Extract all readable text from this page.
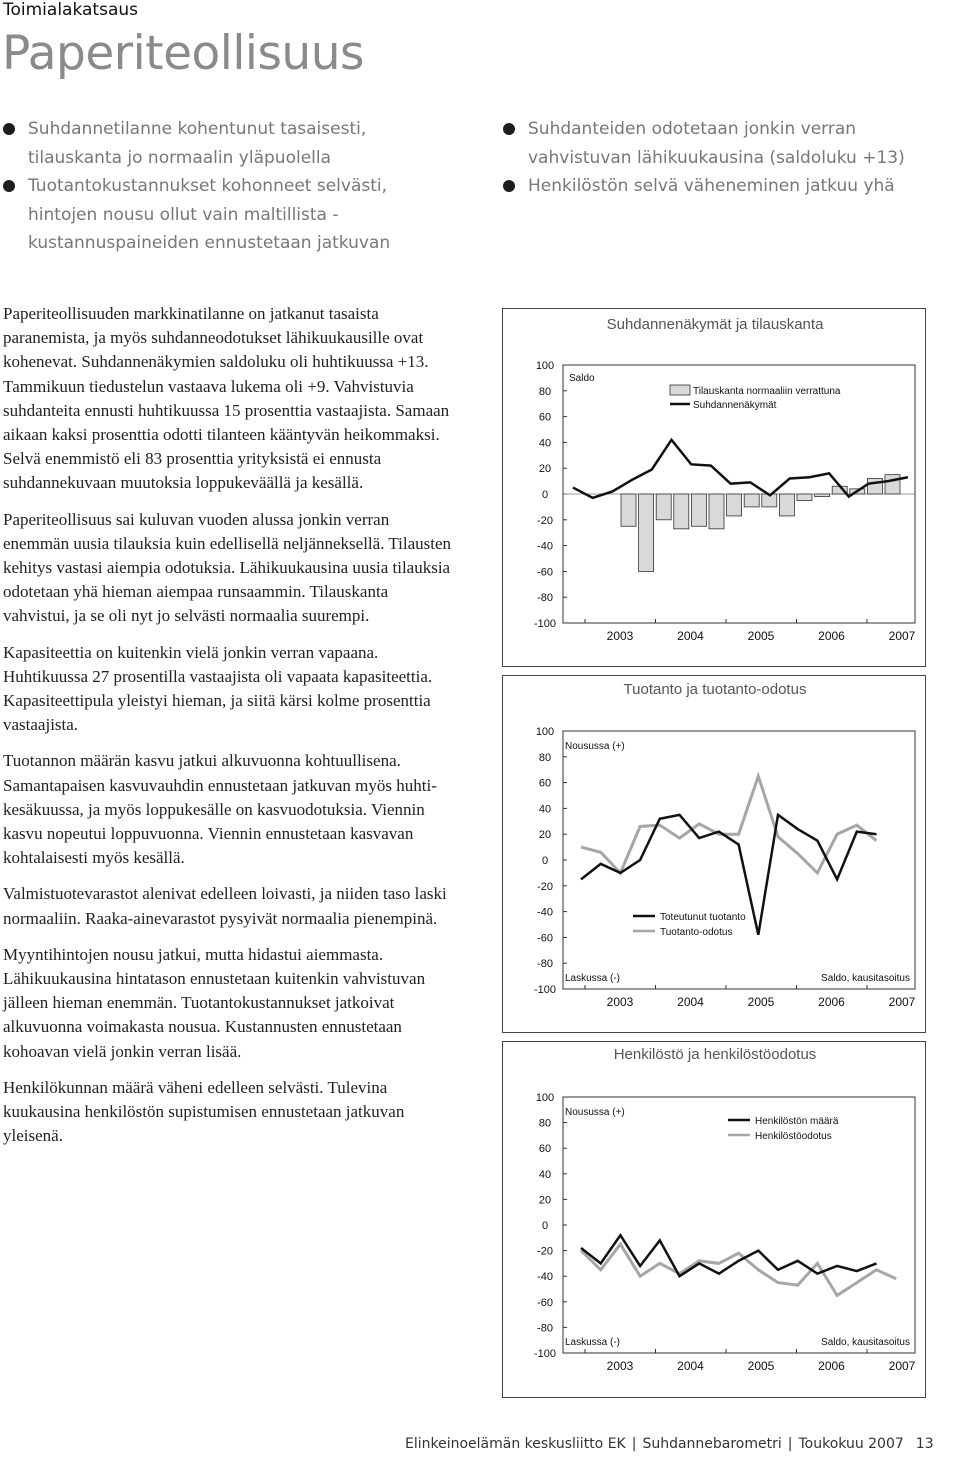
Toimialakatsaus
Paperiteollisuus
Suhdannetilanne kohentunut tasaisesti, tilauskanta jo normaalin yläpuolella
Tuotantokustannukset kohonneet selvästi, hintojen nousu ollut vain maltillista - kustannuspaineiden ennustetaan jatkuvan
Suhdanteiden odotetaan jonkin verran vahvistuvan lähikuukausina (saldoluku +13)
Henkilöstön selvä väheneminen jatkuu yhä

Paperiteollisuuden markkinatilanne on jatkanut tasaista paranemista, ja myös suhdanneodotukset lähikuukausille ovat kohenevat. Suhdannenäkymien saldoluku oli huhtikuussa +13. Tammikuun tiedustelun vastaava lukema oli +9. Vahvistuvia suhdanteita ennusti huhtikuussa 15 prosenttia vastaajista. Samaan aikaan kaksi prosenttia odotti tilanteen kääntyvän heikommaksi. Selvä enemmistö eli 83 prosenttia yrityksistä ei ennusta suhdannekuvaan muutoksia loppukeväällä ja kesällä.

Paperiteollisuus sai kuluvan vuoden alussa jonkin verran enemmän uusia tilauksia kuin edellisellä neljänneksellä. Tilausten kehitys vastasi aiempia odotuksia. Lähikuukausina uusia tilauksia odotetaan yhä hieman aiempaa runsaammin. Tilauskanta vahvistui, ja se oli nyt jo selvästi normaalia suurempi.

Kapasiteettia on kuitenkin vielä jonkin verran vapaana. Huhtikuussa 27 prosentilla vastaajista oli vapaata kapasiteettia. Kapasiteettipula yleistyi hieman, ja siitä kärsi kolme prosenttia vastaajista.

Tuotannon määrän kasvu jatkui alkuvuonna kohtuullisena. Samantapaisen kasvuvauhdin ennustetaan jatkuvan myös huhti-kesäkuussa, ja myös loppukesälle on kasvuodotuksia. Viennin kasvu nopeutui loppuvuonna. Viennin ennustetaan kasvavan kohtalaisesti myös kesällä.

Valmistuotevarastot alenivat edelleen loivasti, ja niiden taso laski normaaliin. Raaka-ainevarastot pysyivät normaalia pienempinä.

Myyntihintojen nousu jatkui, mutta hidastui aiemmasta. Lähikuukausina hintatason ennustetaan kuitenkin vahvistuvan jälleen hieman enemmän. Tuotantokustannukset jatkoivat alkuvuonna voimakasta nousua. Kustannusten ennustetaan kohoavan vielä jonkin verran lisää.

Henkilökunnan määrä väheni edelleen selvästi. Tulevina kuukausina henkilöstön supistumisen ennustetaan jatkuvan yleisenä.

Suhdannenäkymät ja tilauskanta
100
80
60
40
20
0
-20
-40
-60
-80
-100
2003	2004	2005	2006	2007
Saldo
Tilauskanta normaaliin verrattuna
Suhdannenäkymät
Tuotanto ja tuotanto-odotus
100
80
60
40
20
0
-20
-40
-60
-80
-100
2003	2004	2005	2006	2007
Nousussa (+)
Laskussa (-)	Saldo, kausitasoitus
Toteutunut tuotanto
Tuotanto-odotus
Henkilöstö ja henkilöstöodotus
100
80
60
40
20
0
-20
-40
-60
-80
-100
2003	2004	2005	2006	2007
Nousussa (+)
Laskussa (-)	Saldo, kausitasoitus
Henkilöstön määrä
Henkilöstöodotus
Elinkeinoelämän keskusliitto EK | Suhdannebarometri | Toukokuu 2007 13
